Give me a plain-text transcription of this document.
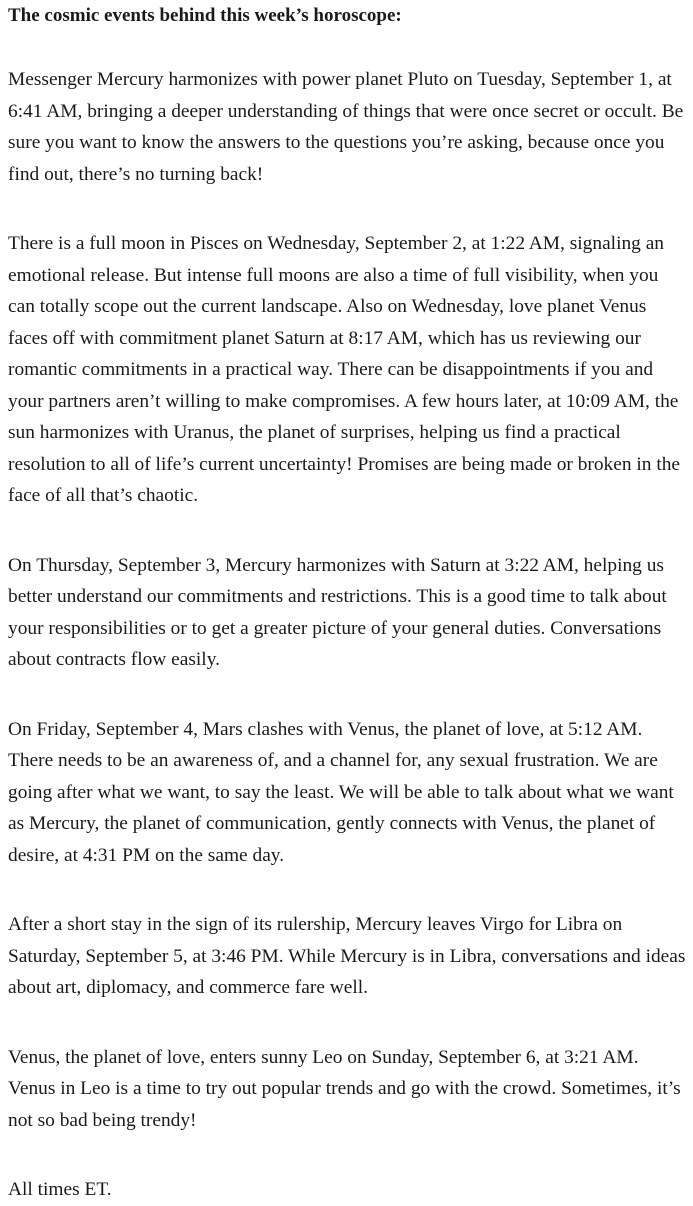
The cosmic events behind this week’s horoscope:

Messenger Mercury harmonizes with power planet Pluto on Tuesday, September 1, at 6:41 AM, bringing a deeper understanding of things that were once secret or occult. Be sure you want to know the answers to the questions you’re asking, because once you find out, there’s no turning back!

There is a full moon in Pisces on Wednesday, September 2, at 1:22 AM, signaling an emotional release. But intense full moons are also a time of full visibility, when you can totally scope out the current landscape. Also on Wednesday, love planet Venus faces off with commitment planet Saturn at 8:17 AM, which has us reviewing our romantic commitments in a practical way. There can be disappointments if you and your partners aren’t willing to make compromises. A few hours later, at 10:09 AM, the sun harmonizes with Uranus, the planet of surprises, helping us find a practical resolution to all of life’s current uncertainty! Promises are being made or broken in the face of all that’s chaotic.

On Thursday, September 3, Mercury harmonizes with Saturn at 3:22 AM, helping us better understand our commitments and restrictions. This is a good time to talk about your responsibilities or to get a greater picture of your general duties. Conversations about contracts flow easily.

On Friday, September 4, Mars clashes with Venus, the planet of love, at 5:12 AM. There needs to be an awareness of, and a channel for, any sexual frustration. We are going after what we want, to say the least. We will be able to talk about what we want as Mercury, the planet of communication, gently connects with Venus, the planet of desire, at 4:31 PM on the same day.

After a short stay in the sign of its rulership, Mercury leaves Virgo for Libra on Saturday, September 5, at 3:46 PM. While Mercury is in Libra, conversations and ideas about art, diplomacy, and commerce fare well.

Venus, the planet of love, enters sunny Leo on Sunday, September 6, at 3:21 AM. Venus in Leo is a time to try out popular trends and go with the crowd. Sometimes, it’s not so bad being trendy!

All times ET.
